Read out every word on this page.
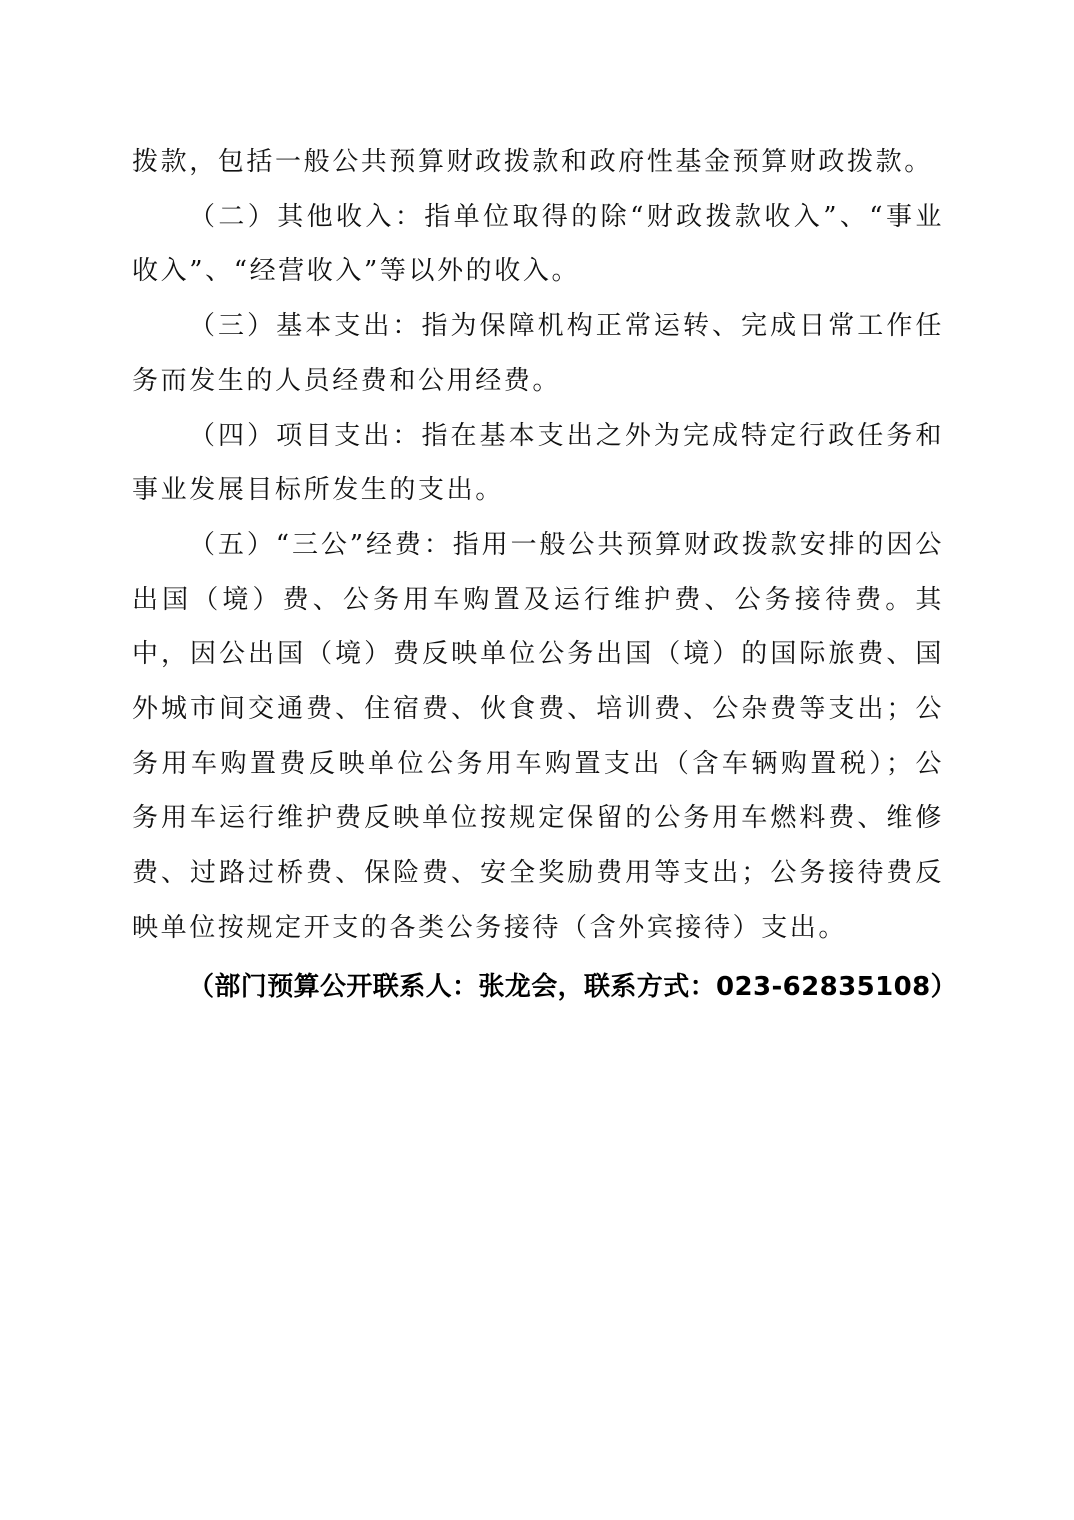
拨款，包括一般公共预算财政拨款和政府性基金预算财政拨款。

（二）其他收入：指单位取得的除“财政拨款收入”、“事业收入”、“经营收入”等以外的收入。

（三）基本支出：指为保障机构正常运转、完成日常工作任务而发生的人员经费和公用经费。

（四）项目支出：指在基本支出之外为完成特定行政任务和事业发展目标所发生的支出。

（五）“三公”经费：指用一般公共预算财政拨款安排的因公出国（境）费、公务用车购置及运行维护费、公务接待费。其中，因公出国（境）费反映单位公务出国（境）的国际旅费、国外城市间交通费、住宿费、伙食费、培训费、公杂费等支出；公务用车购置费反映单位公务用车购置支出（含车辆购置税）；公务用车运行维护费反映单位按规定保留的公务用车燃料费、维修费、过路过桥费、保险费、安全奖励费用等支出；公务接待费反映单位按规定开支的各类公务接待（含外宾接待）支出。

（部门预算公开联系人：张龙会，联系方式：023-62835108）
